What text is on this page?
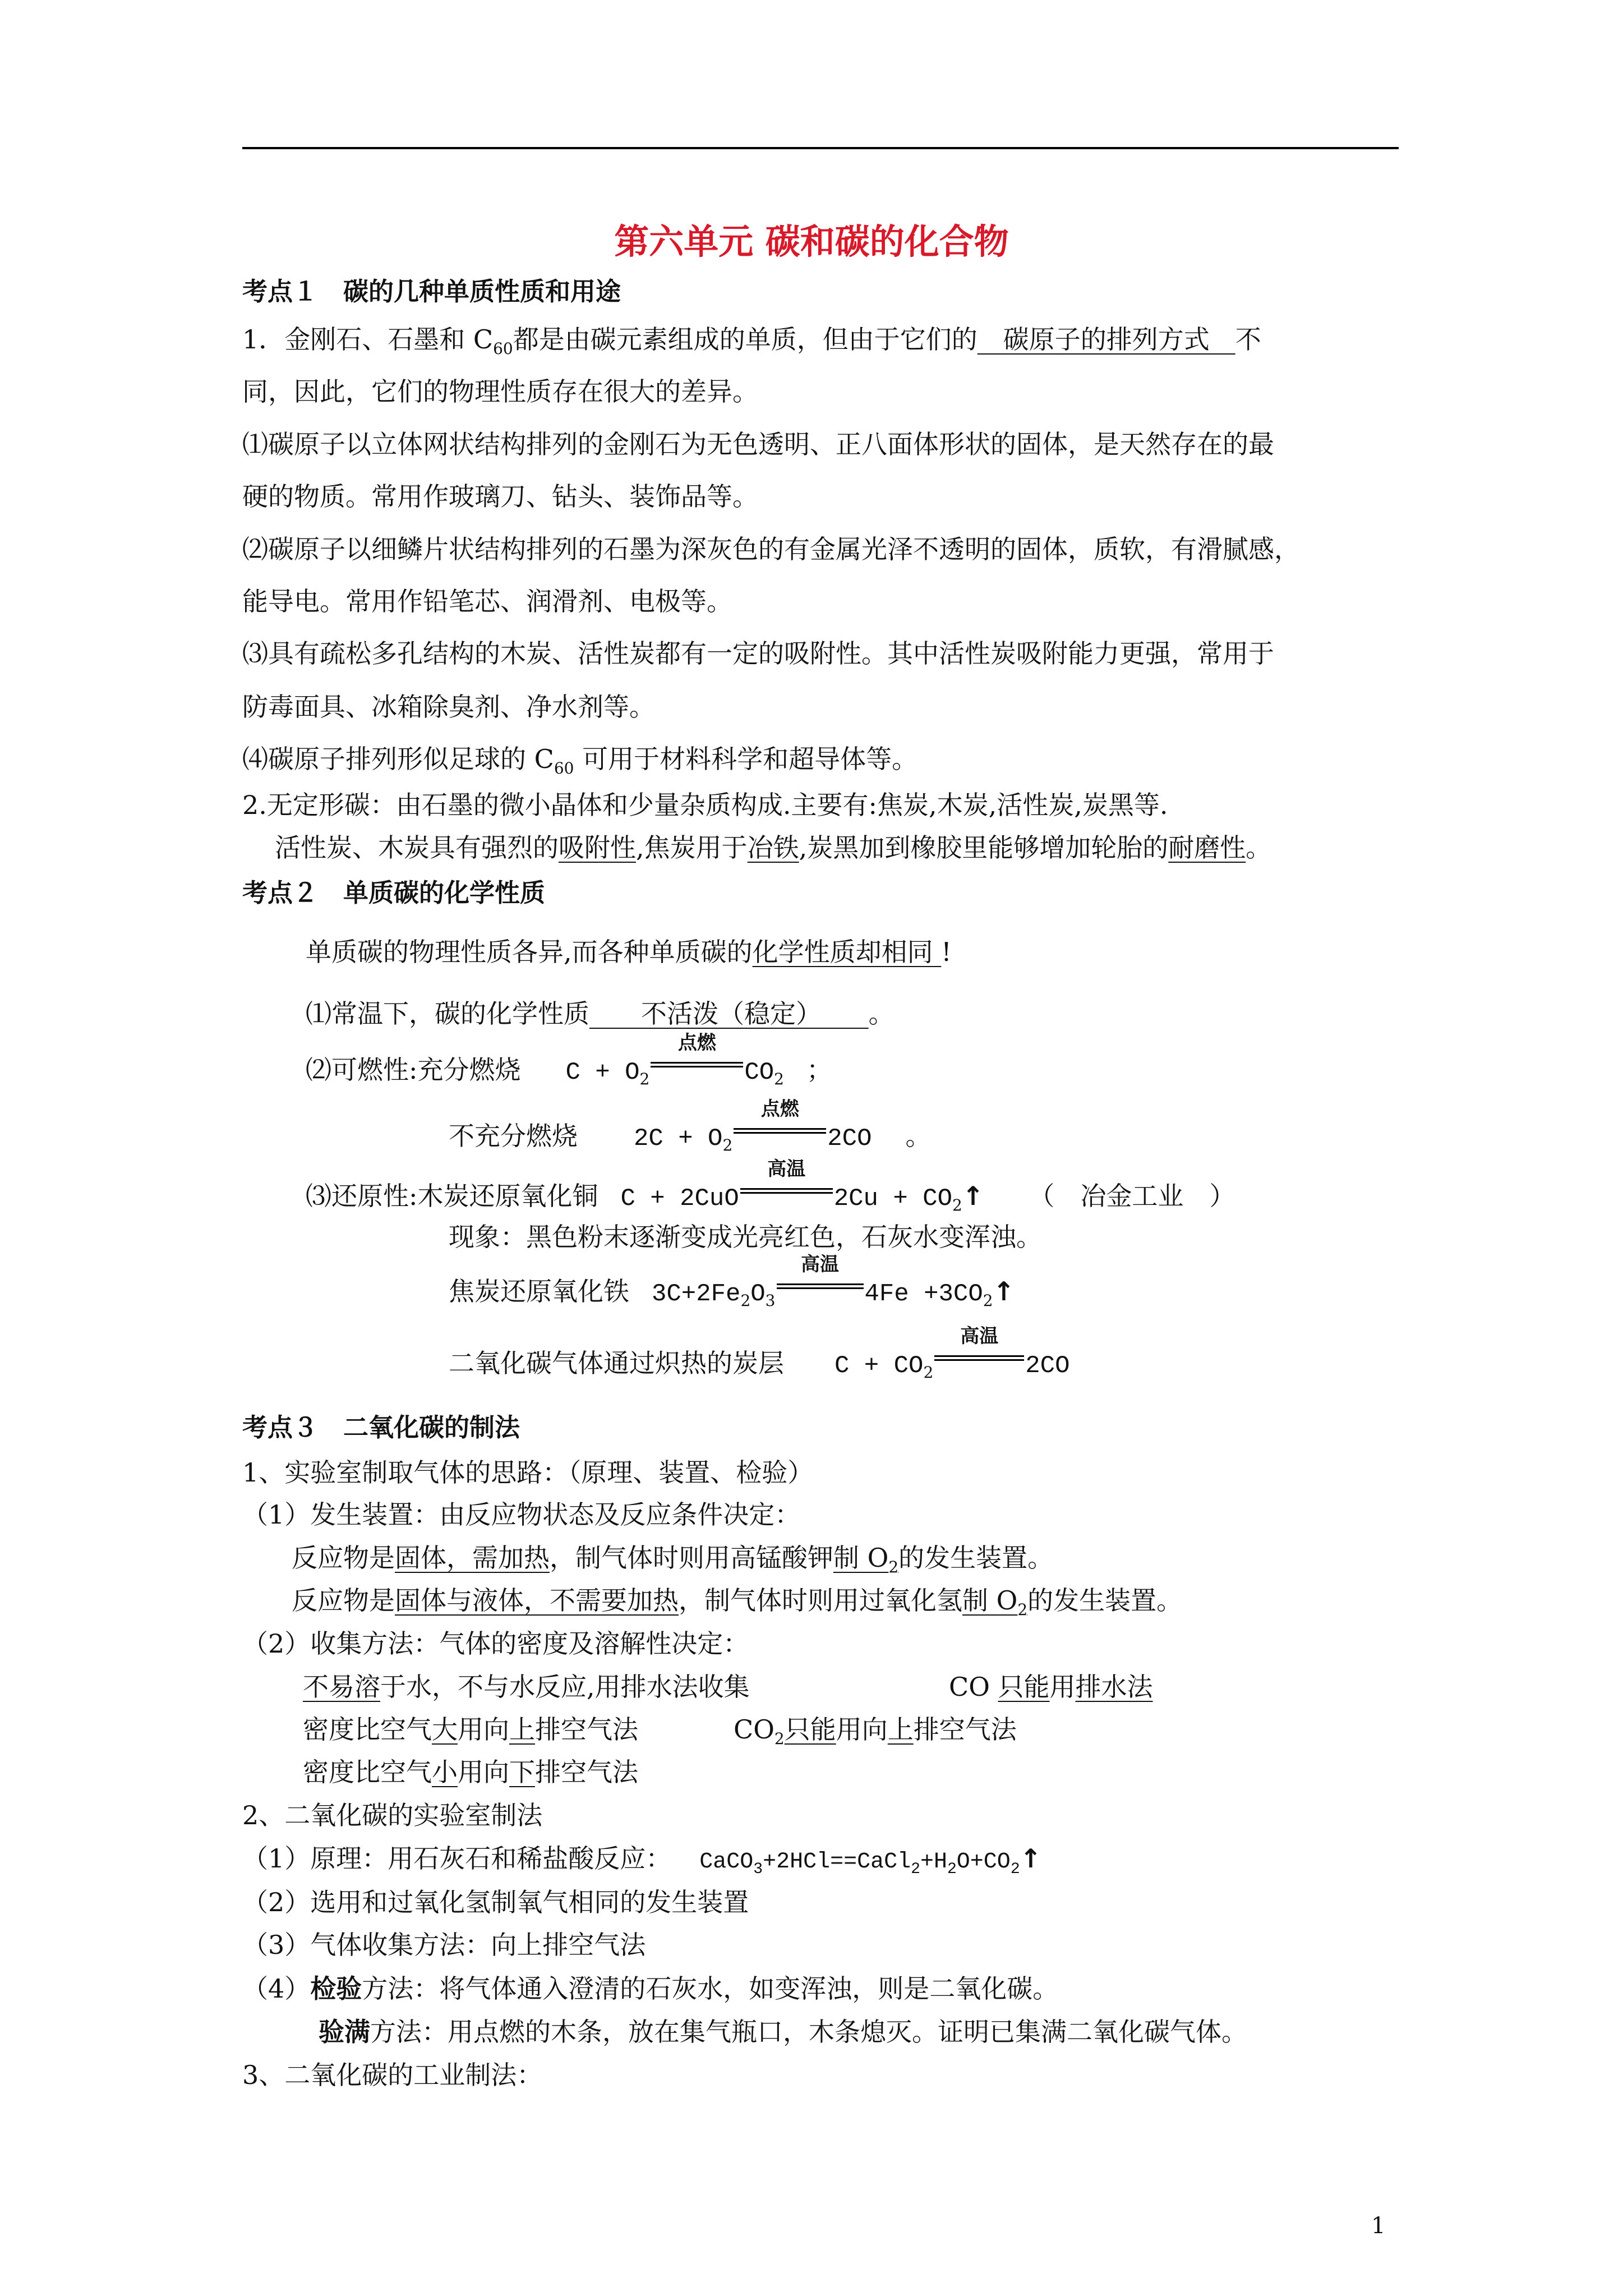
第六单元 碳和碳的化合物
考点１　碳的几种单质性质和用途
1．金刚石、石墨和 $C_{60}$都是由碳元素组成的单质，但由于它们的　碳原子的排列方式　不
同，因此，它们的物理性质存在很大的差异。
⑴碳原子以立体网状结构排列的金刚石为无色透明、正八面体形状的固体，是天然存在的最
硬的物质。常用作玻璃刀、钻头、装饰品等。
⑵碳原子以细鳞片状结构排列的石墨为深灰色的有金属光泽不透明的固体，质软，有滑腻感，
能导电。常用作铅笔芯、润滑剂、电极等。
⑶具有疏松多孔结构的木炭、活性炭都有一定的吸附性。其中活性炭吸附能力更强，常用于
防毒面具、冰箱除臭剂、净水剂等。
⑷碳原子排列形似足球的 $C_{60}$ 可用于材料科学和超导体等。
2.无定形碳：由石墨的微小晶体和少量杂质构成.主要有:焦炭,木炭,活性炭,炭黑等.
活性炭、木炭具有强烈的吸附性,焦炭用于冶铁,炭黑加到橡胶里能够增加轮胎的耐磨性。
考点２　单质碳的化学性质
单质碳的物理性质各异,而各种单质碳的化学性质却相同 !
⑴常温下，碳的化学性质　　不活泼（稳定）　　 。
⑵可燃性:充分燃烧 $C + O_2$
点燃
$CO_2$ ；
不充分燃烧 $2C + O_2$
点燃
2CO 。
⑶还原性:木炭还原氧化铜 C + 2CuO
高温
$2Cu + CO_2↑$ （　冶金工业　）
现象：黑色粉末逐渐变成光亮红色，石灰水变浑浊。
焦炭还原氧化铁 $3C+2Fe_2O_3$
高温
$4Fe +3CO_2↑$
二氧化碳气体通过炽热的炭层 $C + CO_2$
高温
2CO
考点３　二氧化碳的制法
1、实验室制取气体的思路：（原理、装置、检验）
（1）发生装置：由反应物状态及反应条件决定：
反应物是固体，需加热，制气体时则用高锰酸钾制 $O_2$的发生装置。
反应物是固体与液体，不需要加热，制气体时则用过氧化氢制 $O_2$的发生装置。
（2）收集方法：气体的密度及溶解性决定：
不易溶于水，不与水反应,用排水法收集	CO 只能用排水法
密度比空气大用向上排空气法	$CO_2$只能用向上排空气法
密度比空气小用向下排空气法
2、二氧化碳的实验室制法
（1）原理：用石灰石和稀盐酸反应： $CaCO_3+2HCl==CaCl_2+H_2O+CO_2↑$
（2）选用和过氧化氢制氧气相同的发生装置
（3）气体收集方法：向上排空气法
（4）检验方法：将气体通入澄清的石灰水，如变浑浊，则是二氧化碳。
验满方法：用点燃的木条，放在集气瓶口，木条熄灭。证明已集满二氧化碳气体。
3、二氧化碳的工业制法：
1
